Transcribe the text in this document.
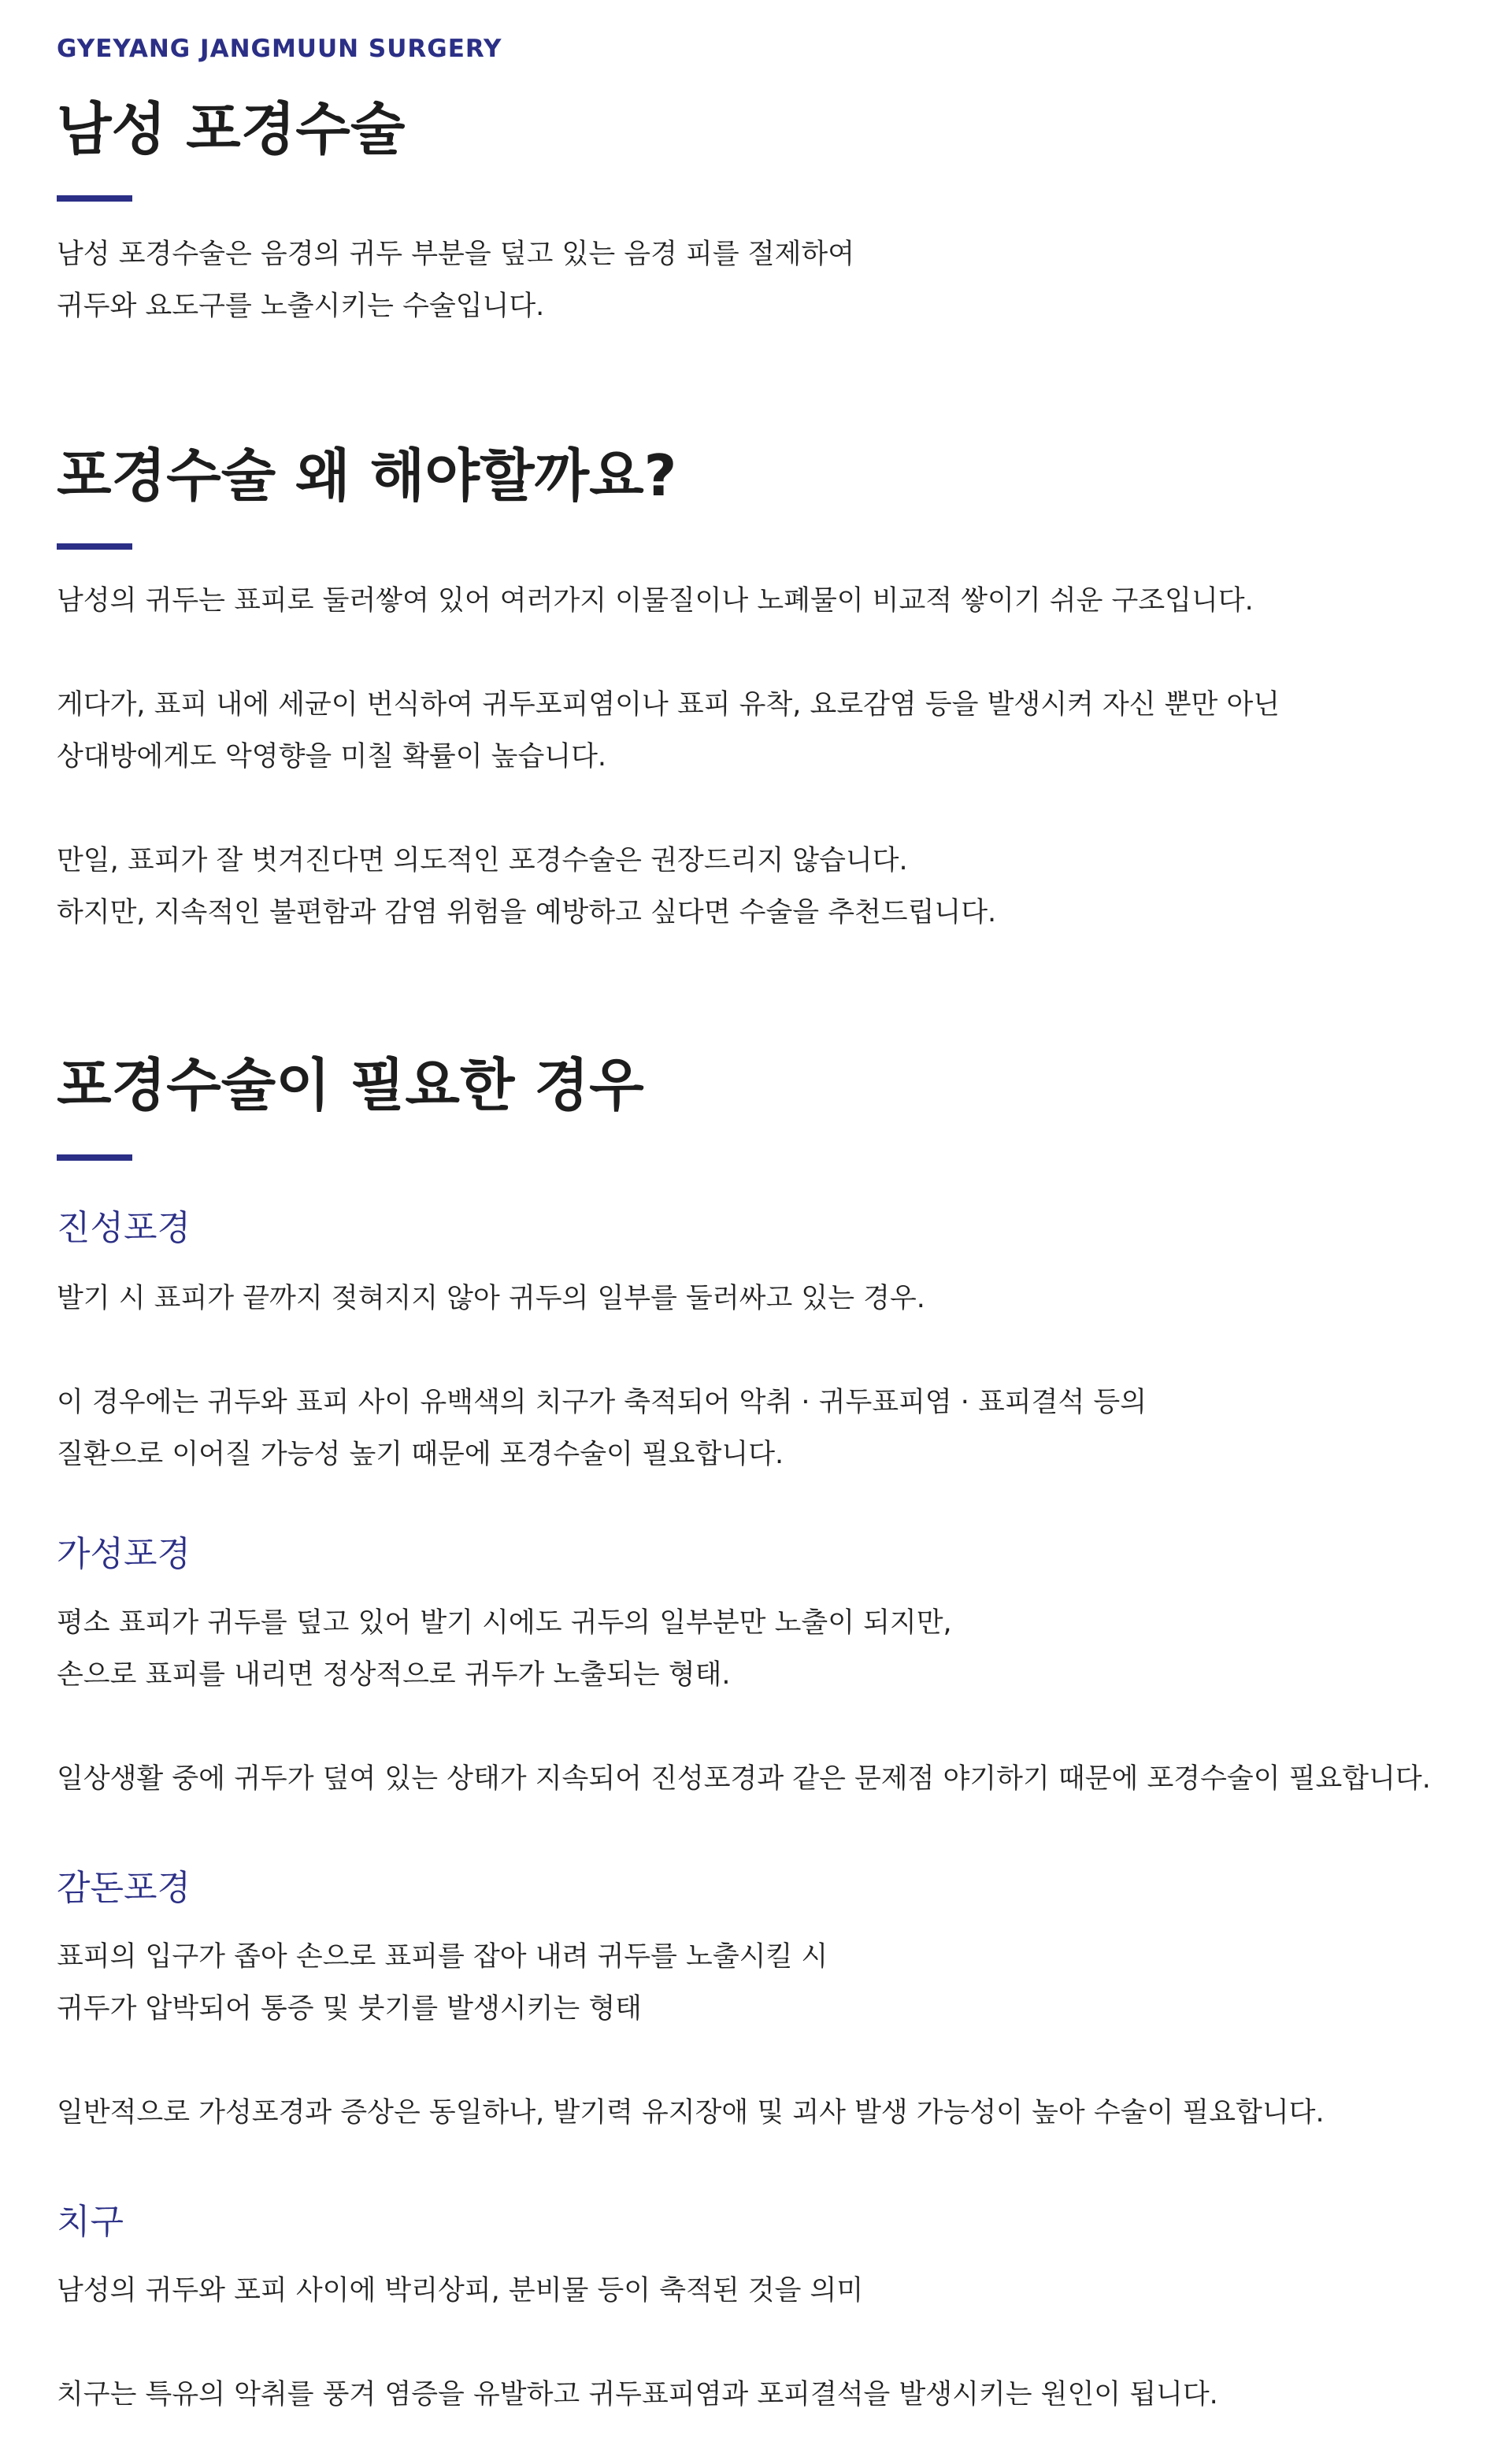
GYEYANG JANGMUUN SURGERY
남성 포경수술
남성 포경수술은 음경의 귀두 부분을 덮고 있는 음경 피를 절제하여
귀두와 요도구를 노출시키는 수술입니다.
포경수술 왜 해야할까요?
남성의 귀두는 표피로 둘러쌓여 있어 여러가지 이물질이나 노폐물이 비교적 쌓이기 쉬운 구조입니다.
게다가, 표피 내에 세균이 번식하여 귀두포피염이나 표피 유착, 요로감염 등을 발생시켜 자신 뿐만 아닌
상대방에게도 악영향을 미칠 확률이 높습니다.
만일, 표피가 잘 벗겨진다면 의도적인 포경수술은 권장드리지 않습니다.
하지만, 지속적인 불편함과 감염 위험을 예방하고 싶다면 수술을 추천드립니다.
포경수술이 필요한 경우
진성포경
발기 시 표피가 끝까지 젖혀지지 않아 귀두의 일부를 둘러싸고 있는 경우.
이 경우에는 귀두와 표피 사이 유백색의 치구가 축적되어 악취 · 귀두표피염 · 표피결석 등의
질환으로 이어질 가능성 높기 때문에 포경수술이 필요합니다.
가성포경
평소 표피가 귀두를 덮고 있어 발기 시에도 귀두의 일부분만 노출이 되지만,
손으로 표피를 내리면 정상적으로 귀두가 노출되는 형태.
일상생활 중에 귀두가 덮여 있는 상태가 지속되어 진성포경과 같은 문제점 야기하기 때문에 포경수술이 필요합니다.
감돈포경
표피의 입구가 좁아 손으로 표피를 잡아 내려 귀두를 노출시킬 시
귀두가 압박되어 통증 및 붓기를 발생시키는 형태
일반적으로 가성포경과 증상은 동일하나, 발기력 유지장애 및 괴사 발생 가능성이 높아 수술이 필요합니다.
치구
남성의 귀두와 포피 사이에 박리상피, 분비물 등이 축적된 것을 의미
치구는 특유의 악취를 풍겨 염증을 유발하고 귀두표피염과 포피결석을 발생시키는 원인이 됩니다.
